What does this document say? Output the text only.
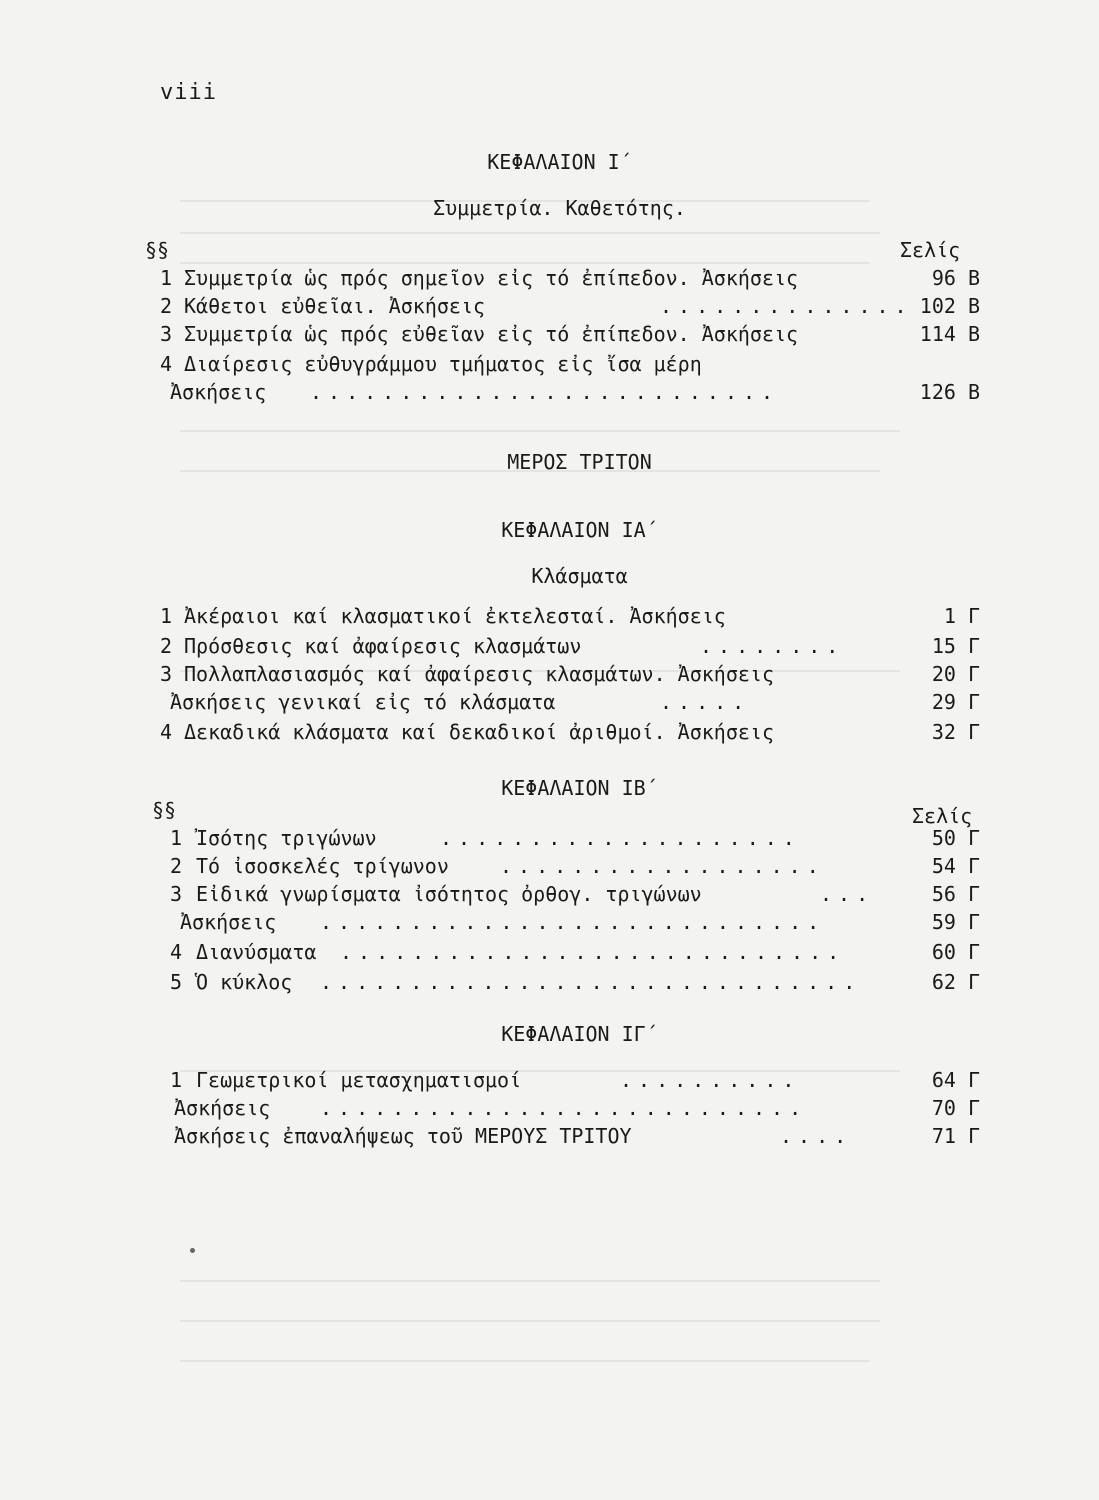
viii
ΚΕΦΑΛΑΙΟΝ Ι΄
Συμμετρία. Καθετότης.
§§	Σελίς
1 Συμμετρία ὡς πρός σημεῖον εἰς τό ἐπίπεδον. Ἀσκήσεις	96 Β
2 Κάθετοι εὐθεῖαι. Ἀσκήσεις	.............. 102 Β
3 Συμμετρία ὡς πρός εὐθεῖαν εἰς τό ἐπίπεδον. Ἀσκήσεις	114 Β
4 Διαίρεσις εὐθυγράμμου τμήματος εἰς ἴσα μέρη
Ἀσκήσεις ..........................	126 Β
ΜΕΡΟΣ ΤΡΙΤΟΝ
ΚΕΦΑΛΑΙΟΝ ΙΑ΄
Κλάσματα
1 Ἀκέραιοι καί κλασματικοί ἐκτελεσταί. Ἀσκήσεις	1 Γ
2 Πρόσθεσις καί ἀφαίρεσις κλασμάτων	........	15 Γ
3 Πολλαπλασιασμός καί ἀφαίρεσις κλασμάτων. Ἀσκήσεις	20 Γ
Ἀσκήσεις γενικαί εἰς τό κλάσματα	.....	29 Γ
4 Δεκαδικά κλάσματα καί δεκαδικοί ἀριθμοί. Ἀσκήσεις	32 Γ
ΚΕΦΑΛΑΙΟΝ ΙΒ΄
§§	Σελίς
1 Ἰσότης τριγώνων	....................	50 Γ
2 Τό ἰσοσκελές τρίγωνον	..................	54 Γ
3 Εἰδικά γνωρίσματα ἰσότητος ὀρθογ. τριγώνων	...	56 Γ
Ἀσκήσεις ............................	59 Γ
4 Διανύσματα ............................	60 Γ
5 Ὁ κύκλος ..............................	62 Γ
ΚΕΦΑΛΑΙΟΝ ΙΓ΄
1 Γεωμετρικοί μετασχηματισμοί	..........	64 Γ
Ἀσκήσεις ...........................	70 Γ
Ἀσκήσεις ἐπαναλήψεως τοῦ ΜΕΡΟΥΣ ΤΡΙΤΟΥ	....	71 Γ
